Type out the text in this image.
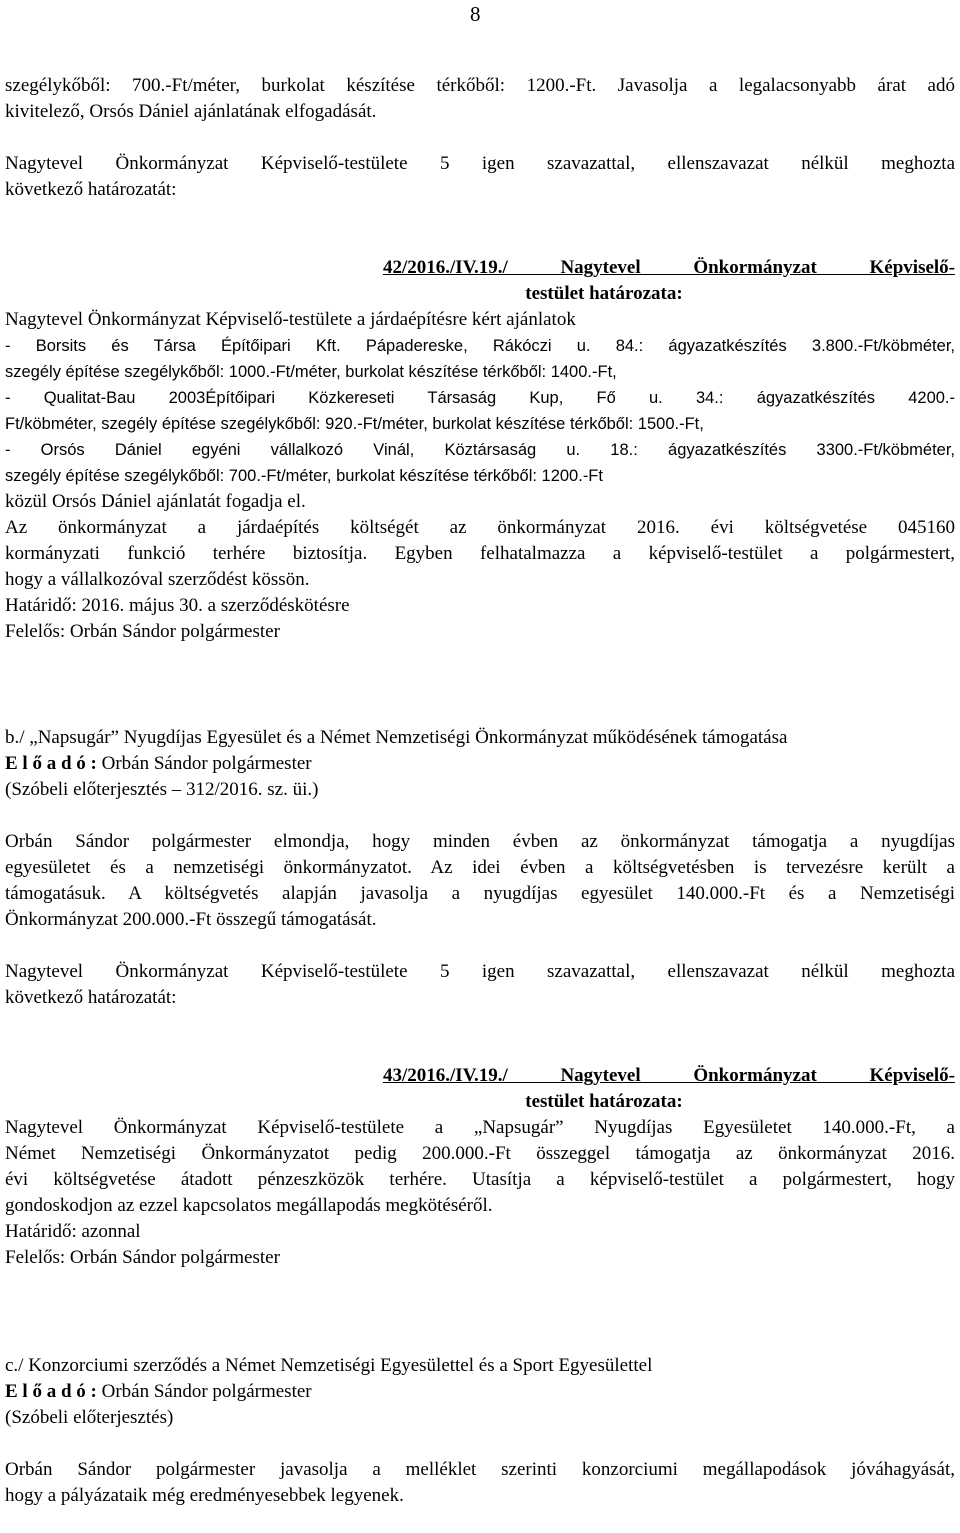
8

szegélykőből: 700.-Ft/méter, burkolat készítése térkőből: 1200.-Ft. Javasolja a legalacsonyabb árat adó

kivitelező, Orsós Dániel ajánlatának elfogadását.

Nagytevel Önkormányzat Képviselő-testülete 5 igen szavazattal, ellenszavazat nélkül meghozta

következő határozatát:

42/2016./IV.19./ Nagytevel Önkormányzat Képviselő-
testület határozata:

Nagytevel Önkormányzat Képviselő-testülete a járdaépítésre kért ajánlatok

- Borsits és Társa Építőipari Kft. Pápadereske, Rákóczi u. 84.: ágyazatkészítés 3.800.-Ft/köbméter,

szegély építése szegélykőből: 1000.-Ft/méter, burkolat készítése térkőből: 1400.-Ft,

- Qualitat-Bau 2003Építőipari Közkereseti Társaság Kup, Fő u. 34.: ágyazatkészítés 4200.-

Ft/köbméter, szegély építése szegélykőből: 920.-Ft/méter, burkolat készítése térkőből: 1500.-Ft,

- Orsós Dániel egyéni vállalkozó Vinál, Köztársaság u. 18.: ágyazatkészítés 3300.-Ft/köbméter,

szegély építése szegélykőből: 700.-Ft/méter, burkolat készítése térkőből: 1200.-Ft

közül Orsós Dániel ajánlatát fogadja el.

Az önkormányzat a járdaépítés költségét az önkormányzat 2016. évi költségvetése 045160

kormányzati funkció terhére biztosítja. Egyben felhatalmazza a képviselő-testület a polgármestert,

hogy a vállalkozóval szerződést kössön.

Határidő: 2016. május 30. a szerződéskötésre

Felelős: Orbán Sándor polgármester

b./ „Napsugár” Nyugdíjas Egyesület és a Német Nemzetiségi Önkormányzat működésének támogatása

E l ő a d ó : Orbán Sándor polgármester

(Szóbeli előterjesztés – 312/2016. sz. üi.)

Orbán Sándor polgármester elmondja, hogy minden évben az önkormányzat támogatja a nyugdíjas

egyesületet és a nemzetiségi önkormányzatot. Az idei évben a költségvetésben is tervezésre került a

támogatásuk. A költségvetés alapján javasolja a nyugdíjas egyesület 140.000.-Ft és a Nemzetiségi

Önkormányzat 200.000.-Ft összegű támogatását.

Nagytevel Önkormányzat Képviselő-testülete 5 igen szavazattal, ellenszavazat nélkül meghozta

következő határozatát:

43/2016./IV.19./ Nagytevel Önkormányzat Képviselő-
testület határozata:

Nagytevel Önkormányzat Képviselő-testülete a „Napsugár” Nyugdíjas Egyesületet 140.000.-Ft, a

Német Nemzetiségi Önkormányzatot pedig 200.000.-Ft összeggel támogatja az önkormányzat 2016.

évi költségvetése átadott pénzeszközök terhére. Utasítja a képviselő-testület a polgármestert, hogy

gondoskodjon az ezzel kapcsolatos megállapodás megkötéséről.

Határidő: azonnal

Felelős: Orbán Sándor polgármester

c./ Konzorciumi szerződés a Német Nemzetiségi Egyesülettel és a Sport Egyesülettel

E l ő a d ó : Orbán Sándor polgármester

(Szóbeli előterjesztés)

Orbán Sándor polgármester javasolja a melléklet szerinti konzorciumi megállapodások jóváhagyását,

hogy a pályázataik még eredményesebbek legyenek.
